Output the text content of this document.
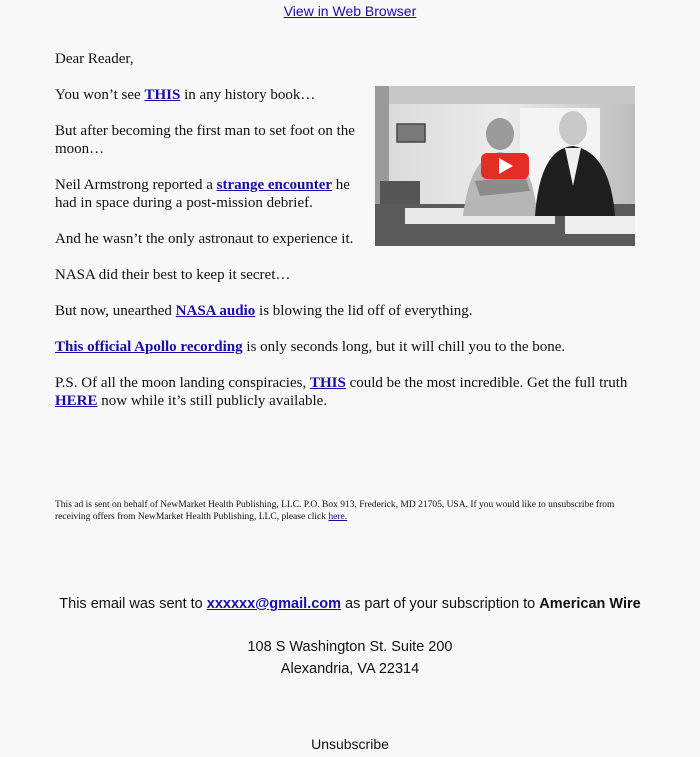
View in Web Browser

Dear Reader,

You won’t see THIS in any history book…

But after becoming the first man to set foot on the moon…

Neil Armstrong reported a strange encounter he had in space during a post-mission debrief.

And he wasn’t the only astronaut to experience it.

NASA did their best to keep it secret…

But now, unearthed NASA audio is blowing the lid off of everything.

This official Apollo recording is only seconds long, but it will chill you to the bone.

P.S. Of all the moon landing conspiracies, THIS could be the most incredible. Get the full truth HERE now while it’s still publicly available.

This ad is sent on behalf of NewMarket Health Publishing, LLC. P.O. Box 913, Frederick, MD 21705, USA. If you would like to unsubscribe from receiving offers from NewMarket Health Publishing, LLC, please click here.
This email was sent to xxxxxx@gmail.com as part of your subscription to American Wire
108 S Washington St. Suite 200
Alexandria, VA 22314
Unsubscribe
